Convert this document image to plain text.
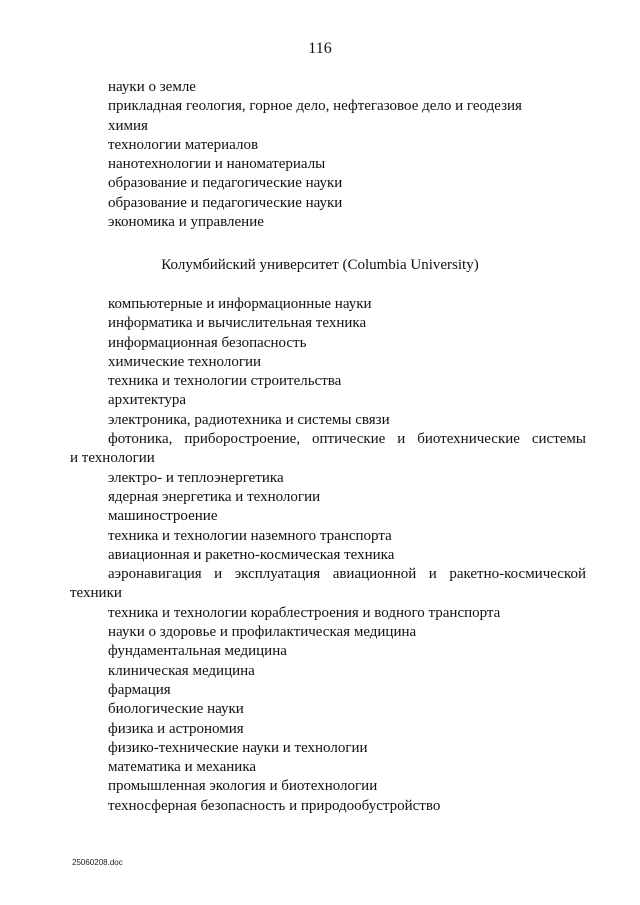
116
науки о земле
прикладная геология, горное дело, нефтегазовое дело и геодезия
химия
технологии материалов
нанотехнологии и наноматериалы
образование и педагогические науки
образование и педагогические науки
экономика и управление
Колумбийский университет (Columbia University)
компьютерные и информационные науки
информатика и вычислительная техника
информационная безопасность
химические технологии
техника и технологии строительства
архитектура
электроника, радиотехника и системы связи
фотоника, приборостроение, оптические и биотехнические системы
и технологии
электро- и теплоэнергетика
ядерная энергетика и технологии
машиностроение
техника и технологии наземного транспорта
авиационная и ракетно-космическая техника
аэронавигация и эксплуатация авиационной и ракетно-космической
техники
техника и технологии кораблестроения и водного транспорта
науки о здоровье и профилактическая медицина
фундаментальная медицина
клиническая медицина
фармация
биологические науки
физика и астрономия
физико-технические науки и технологии
математика и механика
промышленная экология и биотехнологии
техносферная безопасность и природообустройство
25060208.doc
